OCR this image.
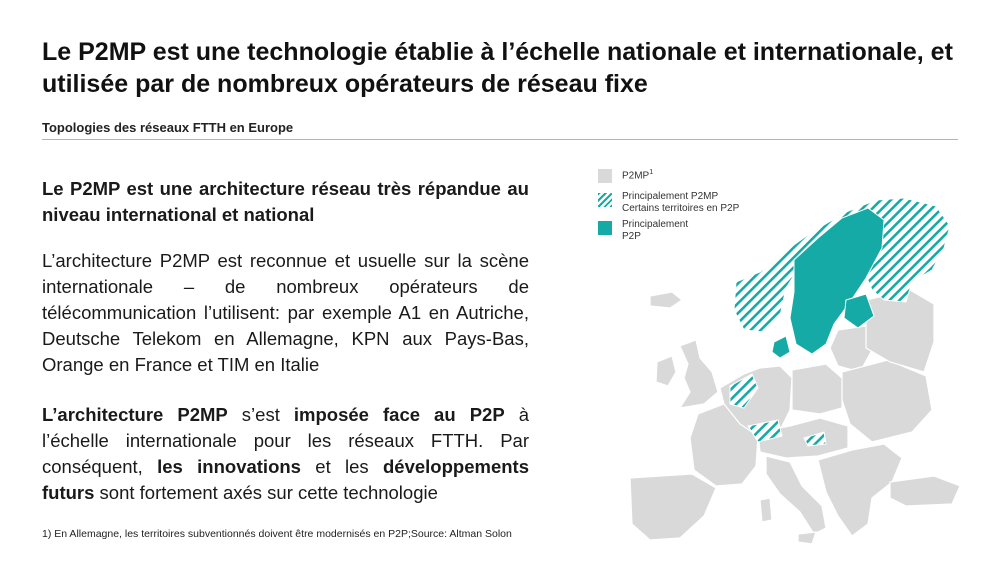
Le P2MP est une technologie établie à l’échelle nationale et internationale, et utilisée par de nombreux opérateurs de réseau fixe
Topologies des réseaux FTTH en Europe

Le P2MP est une architecture réseau très répandue au niveau international et national

L’architecture P2MP est reconnue et usuelle sur la scène internationale – de nombreux opérateurs de télécommunication l’utilisent: par exemple A1 en Autriche, Deutsche Telekom en Allemagne, KPN aux Pays-Bas, Orange en France et TIM en Italie

L’architecture P2MP s’est imposée face au P2P à l’échelle internationale pour les réseaux FTTH. Par conséquent, les innovations et les développements futurs sont fortement axés sur cette technologie

1) En Allemagne, les territoires subventionnés doivent être modernisés en P2P;Source: Altman Solon
$P2MP^1$
Principalement P2MP
Certains territoires en P2P
Principalement
P2P
